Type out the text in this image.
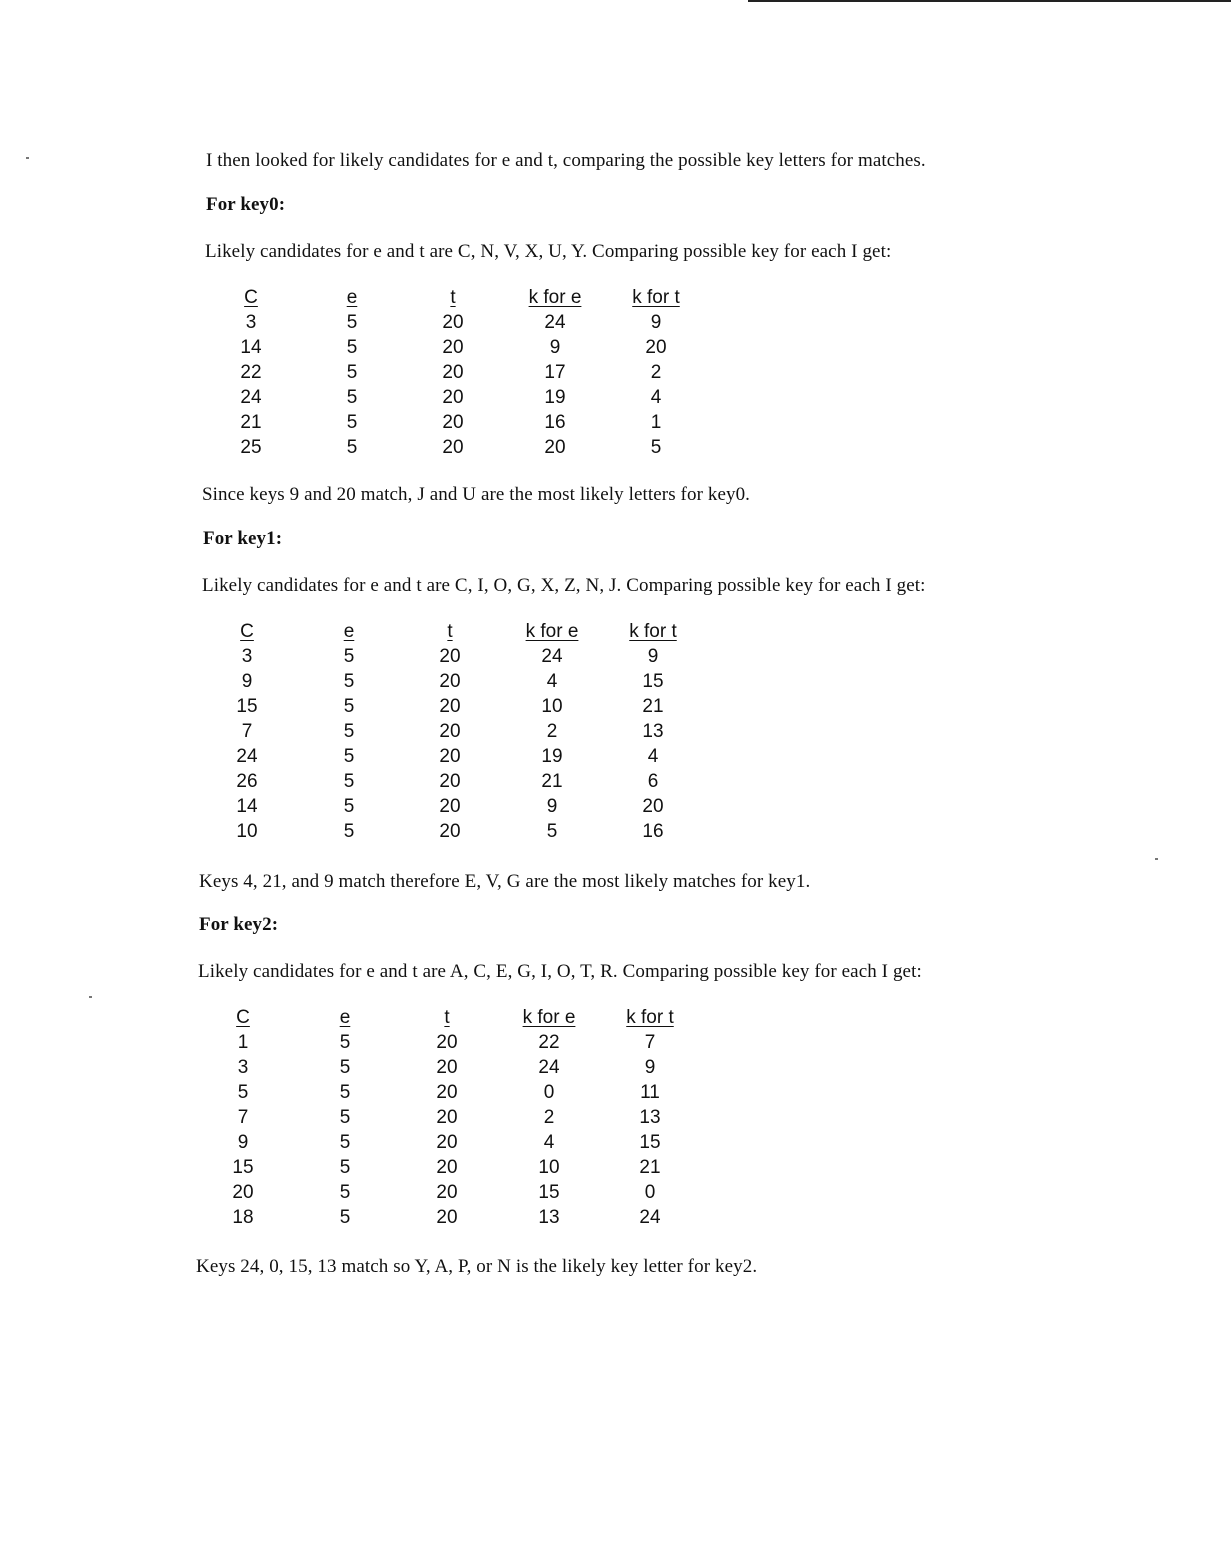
I then looked for likely candidates for e and t, comparing the possible key letters for matches.
For key0:
Likely candidates for e and t are C, N, V, X, U, Y. Comparing possible key for each I get:
C	e	t	k for e	k for t
3	5	20	24	9
14	5	20	9	20
22	5	20	17	2
24	5	20	19	4
21	5	20	16	1
25	5	20	20	5
Since keys 9 and 20 match, J and U are the most likely letters for key0.
For key1:
Likely candidates for e and t are C, I, O, G, X, Z, N, J. Comparing possible key for each I get:
C	e	t	k for e	k for t
3	5	20	24	9
9	5	20	4	15
15	5	20	10	21
7	5	20	2	13
24	5	20	19	4
26	5	20	21	6
14	5	20	9	20
10	5	20	5	16
Keys 4, 21, and 9 match therefore E, V, G are the most likely matches for key1.
For key2:
Likely candidates for e and t are A, C, E, G, I, O, T, R. Comparing possible key for each I get:
C	e	t	k for e	k for t
1	5	20	22	7
3	5	20	24	9
5	5	20	0	11
7	5	20	2	13
9	5	20	4	15
15	5	20	10	21
20	5	20	15	0
18	5	20	13	24
Keys 24, 0, 15, 13 match so Y, A, P, or N is the likely key letter for key2.
